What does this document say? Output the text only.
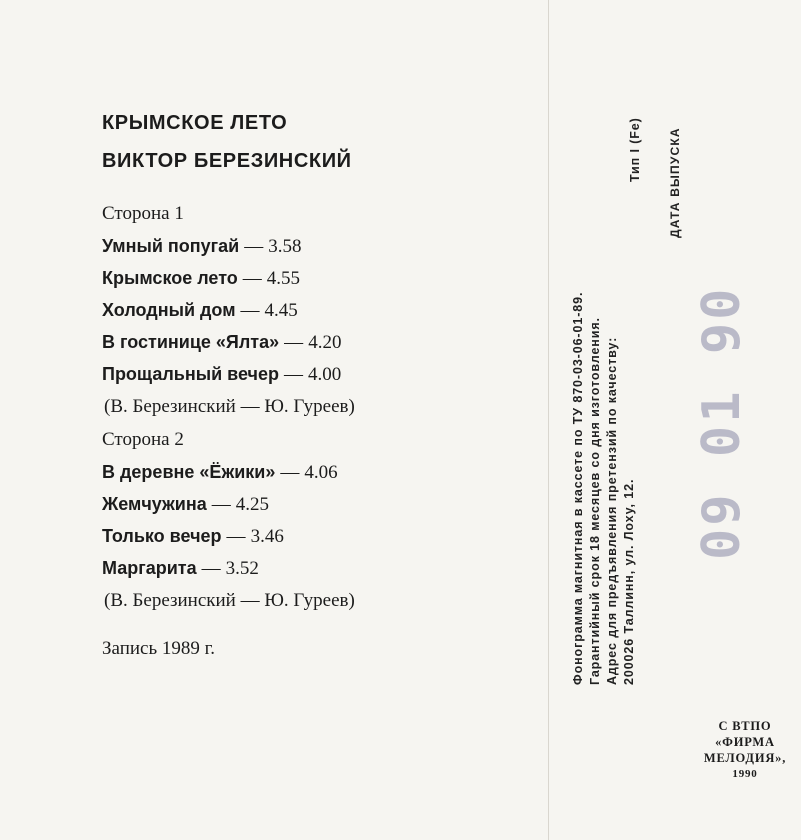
КРЫМСКОЕ ЛЕТО
ВИКТОР БЕРЕЗИНСКИЙ
Сторона 1
Умный попугай — 3.58
Крымское лето — 4.55
Холодный дом — 4.45
В гостинице «Ялта» — 4.20
Прощальный вечер — 4.00
(В. Березинский — Ю. Гуреев)
Сторона 2
В деревне «Ёжики» — 4.06
Жемчужина — 4.25
Только вечер — 3.46
Маргарита — 3.52
(В. Березинский — Ю. Гуреев)
Запись 1989 г.	Фонограмма магнитная в кассете по ТУ 870-03-06-01-89. Гарантийный срок 18 месяцев со дня изготовления. Адрес для предъявления претензий по качеству: 200026 Таллинн, ул. Лоху, 12.
Тип I (Fe) ДАТА ВЫПУСКА
09 01 90
С ВТПО
«ФИРМА
МЕЛОДИЯ»,
1990
